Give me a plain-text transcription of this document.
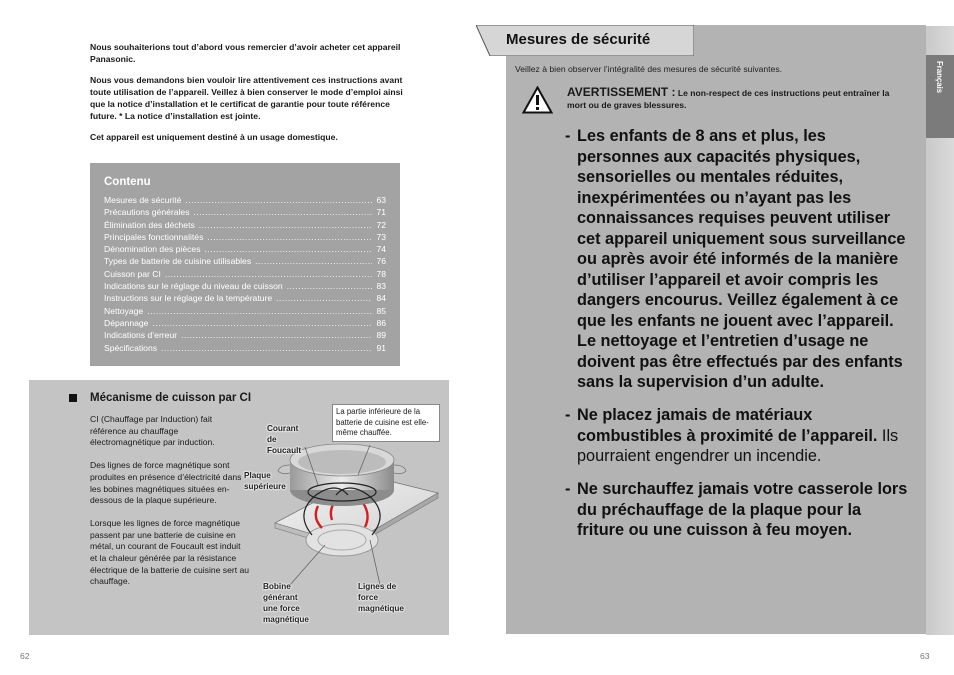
Nous souhaiterions tout d’abord vous remercier d’avoir acheter cet appareil Panasonic.

Nous vous demandons bien vouloir lire attentivement ces instructions avant toute utilisation de l’appareil. Veillez à bien conserver le mode d’emploi ainsi que la notice d’installation et le certificat de garantie pour toute référence future. * La notice d’installation est jointe.

Cet appareil est uniquement destiné à un usage domestique.

Contenu
Mesures de sécurité .....	63
Précautions générales .....	71
Élimination des déchets .....	72
Principales fonctionnalités .....	73
Dénomination des pièces .....	74
Types de batterie de cuisine utilisables .....	76
Cuisson par CI .....	78
Indications sur le réglage du niveau de cuisson .....	83
Instructions sur le réglage de la température .....	84
Nettoyage .....	85
Dépannage .....	86
Indications d’erreur .....	89
Spécifications .....	91
Mécanisme de cuisson par CI

CI (Chauffage par Induction) fait référence au chauffage électromagnétique par induction.

Des lignes de force magnétique sont produites en présence d’électricité dans les bobines magnétiques situées en-dessous de la plaque supérieure.

Lorsque les lignes de force magnétique passent par une batterie de cuisine en métal, un courant de Foucault est induit et la chaleur générée par la résistance électrique de la batterie de cuisine sert au chauffage.

La partie inférieure de la batterie de cuisine est elle-même chauffée.
Courant
de Foucault
Plaque
supérieure
Bobine générant
une force
magnétique
Lignes de force
magnétique
62
Mesures de sécurité
Veillez à bien observer l’intégralité des mesures de sécurité suivantes.
AVERTISSEMENT : Le non-respect de ces instructions peut entraîner la mort ou de graves blessures.
- Les enfants de 8 ans et plus, les personnes aux capacités physiques, sensorielles ou mentales réduites, inexpérimentées ou n’ayant pas les connaissances requises peuvent utiliser cet appareil uniquement sous surveillance ou après avoir été informés de la manière d’utiliser l’appareil et avoir compris les dangers encourus. Veillez également à ce que les enfants ne jouent avec l’appareil. Le nettoyage et l’entretien d’usage ne doivent pas être effectués par des enfants sans la supervision d’un adulte.
- Ne placez jamais de matériaux combustibles à proximité de l’appareil. Ils pourraient engendrer un incendie.
- Ne surchauffez jamais votre casserole lors du préchauffage de la plaque pour la friture ou une cuisson à feu moyen.
Français
63
